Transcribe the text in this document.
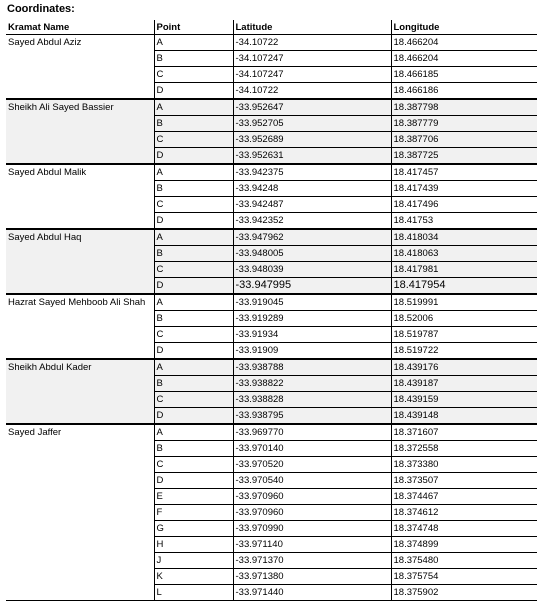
Coordinates:
Kramat Name	Point	Latitude	Longitude
Sayed Abdul Aziz	A	-34.10722	18.466204
	B	-34.107247	18.466204
	C	-34.107247	18.466185
	D	-34.10722	18.466186
Sheikh Ali Sayed Bassier	A	-33.952647	18.387798
	B	-33.952705	18.387779
	C	-33.952689	18.387706
	D	-33.952631	18.387725
Sayed Abdul Malik	A	-33.942375	18.417457
	B	-33.94248	18.417439
	C	-33.942487	18.417496
	D	-33.942352	18.41753
Sayed Abdul Haq	A	-33.947962	18.418034
	B	-33.948005	18.418063
	C	-33.948039	18.417981
	D	-33.947995	18.417954
Hazrat Sayed Mehboob Ali Shah	A	-33.919045	18.519991
	B	-33.919289	18.52006
	C	-33.91934	18.519787
	D	-33.91909	18.519722
Sheikh Abdul Kader	A	-33.938788	18.439176
	B	-33.938822	18.439187
	C	-33.938828	18.439159
	D	-33.938795	18.439148
Sayed Jaffer	A	-33.969770	18.371607
	B	-33.970140	18.372558
	C	-33.970520	18.373380
	D	-33.970540	18.373507
	E	-33.970960	18.374467
	F	-33.970960	18.374612
	G	-33.970990	18.374748
	H	-33.971140	18.374899
	J	-33.971370	18.375480
	K	-33.971380	18.375754
	L	-33.971440	18.375902
